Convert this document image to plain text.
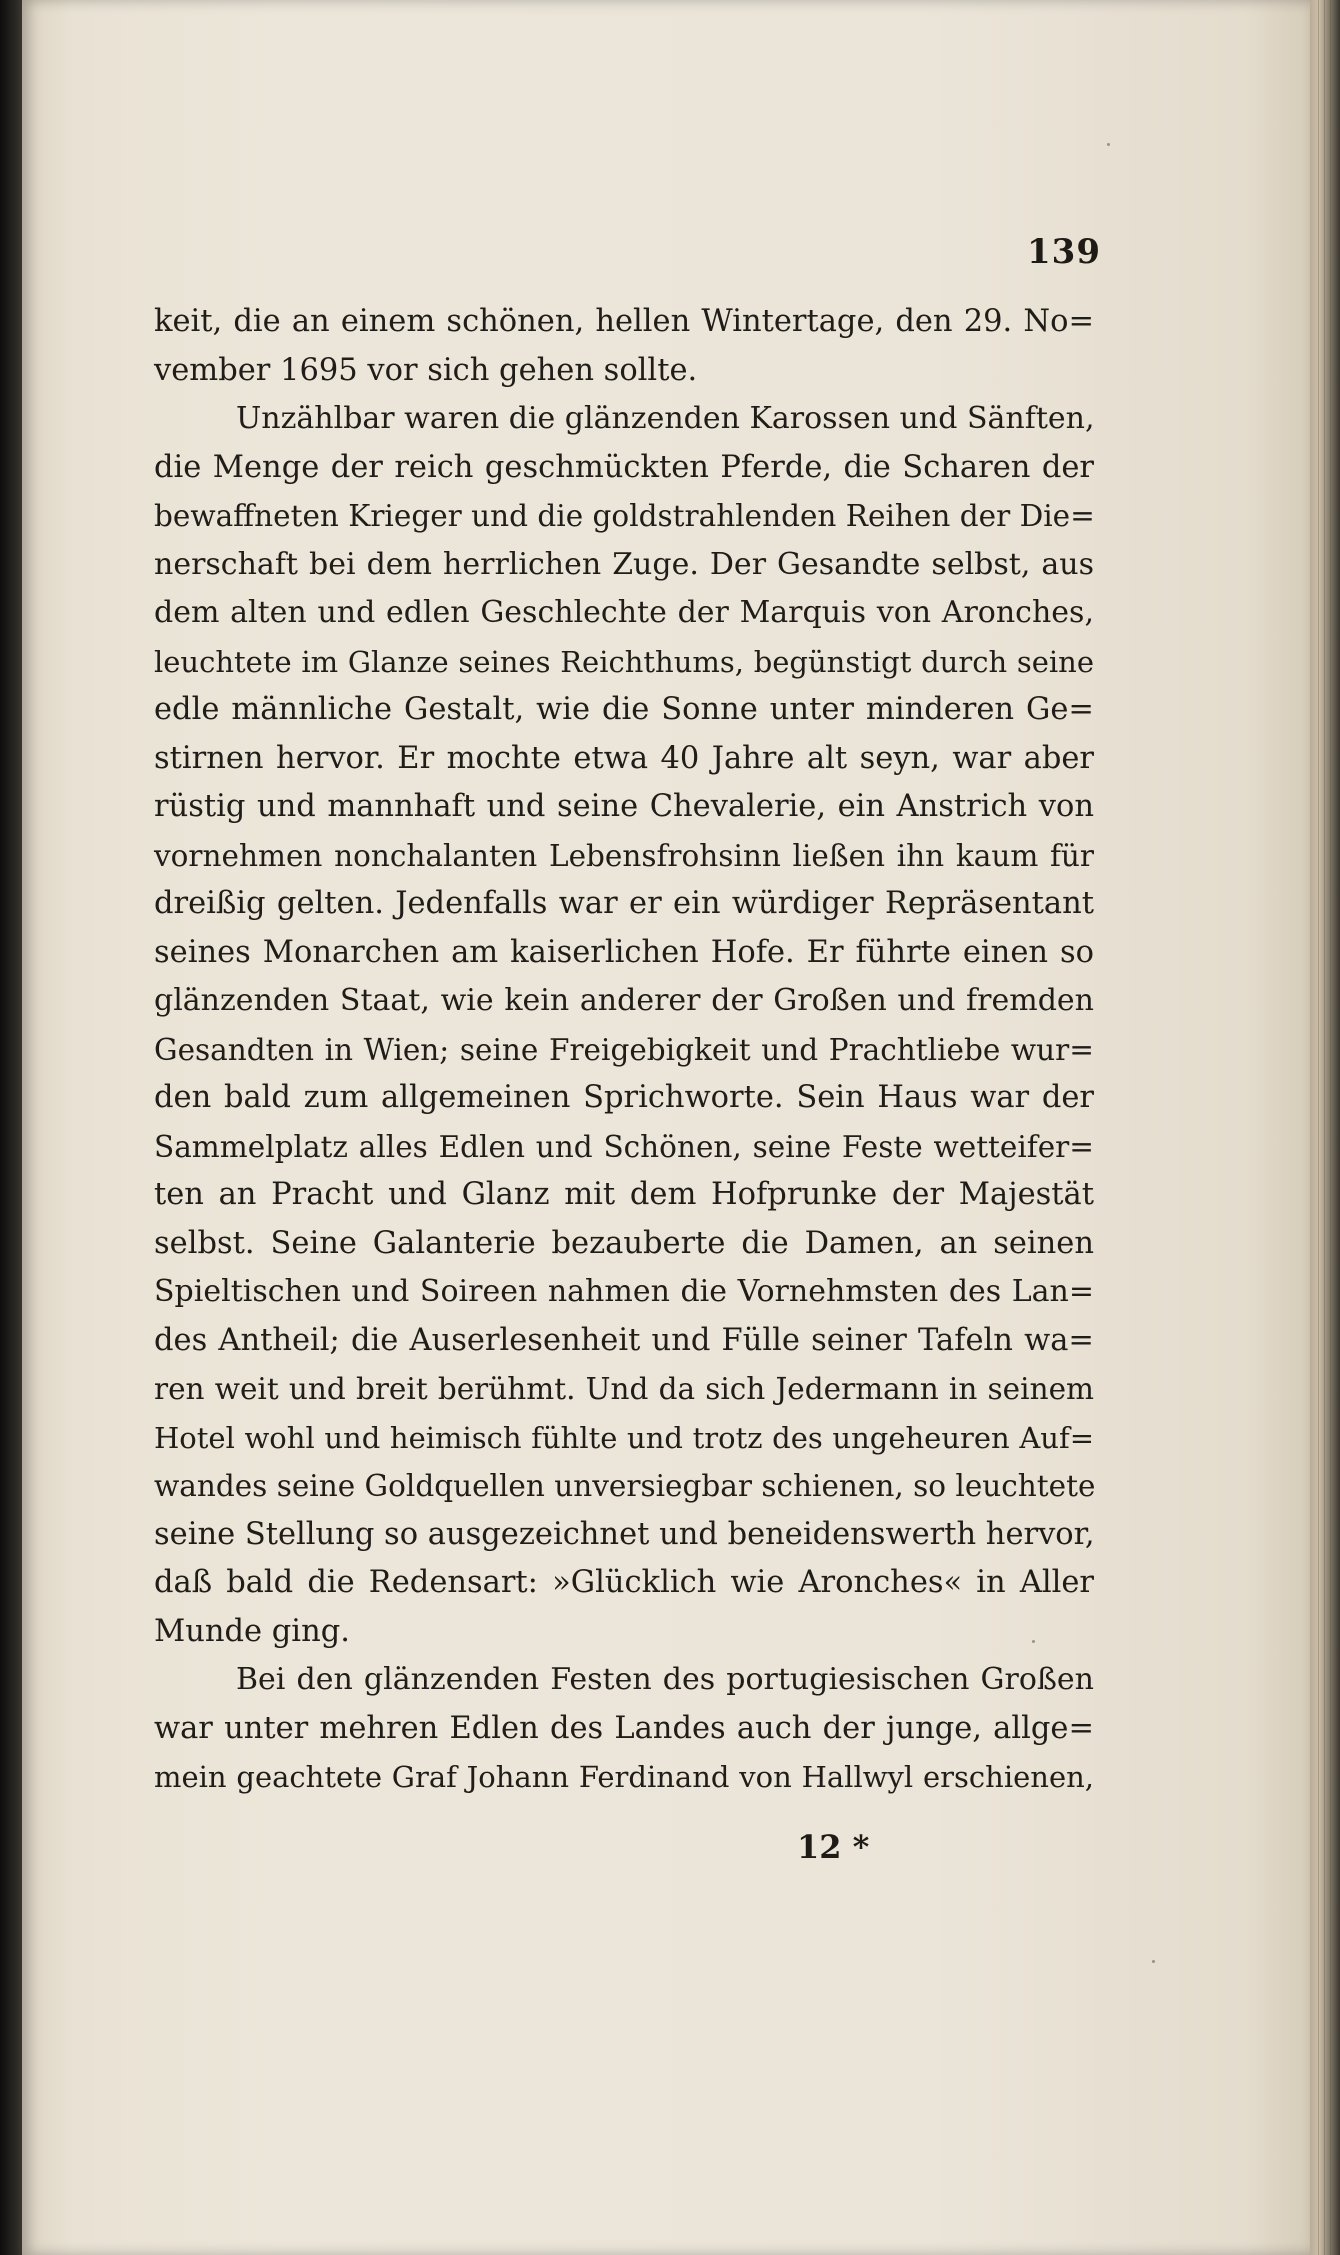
139
keit, die an einem schönen, hellen Wintertage, den 29. No=
vember 1695 vor sich gehen sollte.
Unzählbar waren die glänzenden Karossen und Sänften,
die Menge der reich geschmückten Pferde, die Scharen der
bewaffneten Krieger und die goldstrahlenden Reihen der Die=
nerschaft bei dem herrlichen Zuge. Der Gesandte selbst, aus
dem alten und edlen Geschlechte der Marquis von Aronches,
leuchtete im Glanze seines Reichthums, begünstigt durch seine
edle männliche Gestalt, wie die Sonne unter minderen Ge=
stirnen hervor. Er mochte etwa 40 Jahre alt seyn, war aber
rüstig und mannhaft und seine Chevalerie, ein Anstrich von
vornehmen nonchalanten Lebensfrohsinn ließen ihn kaum für
dreißig gelten. Jedenfalls war er ein würdiger Repräsentant
seines Monarchen am kaiserlichen Hofe. Er führte einen so
glänzenden Staat, wie kein anderer der Großen und fremden
Gesandten in Wien; seine Freigebigkeit und Prachtliebe wur=
den bald zum allgemeinen Sprichworte. Sein Haus war der
Sammelplatz alles Edlen und Schönen, seine Feste wetteifer=
ten an Pracht und Glanz mit dem Hofprunke der Majestät
selbst. Seine Galanterie bezauberte die Damen, an seinen
Spieltischen und Soireen nahmen die Vornehmsten des Lan=
des Antheil; die Auserlesenheit und Fülle seiner Tafeln wa=
ren weit und breit berühmt. Und da sich Jedermann in seinem
Hotel wohl und heimisch fühlte und trotz des ungeheuren Auf=
wandes seine Goldquellen unversiegbar schienen, so leuchtete
seine Stellung so ausgezeichnet und beneidenswerth hervor,
daß bald die Redensart: »Glücklich wie Aronches« in Aller
Munde ging.
Bei den glänzenden Festen des portugiesischen Großen
war unter mehren Edlen des Landes auch der junge, allge=
mein geachtete Graf Johann Ferdinand von Hallwyl erschienen,
12 *
